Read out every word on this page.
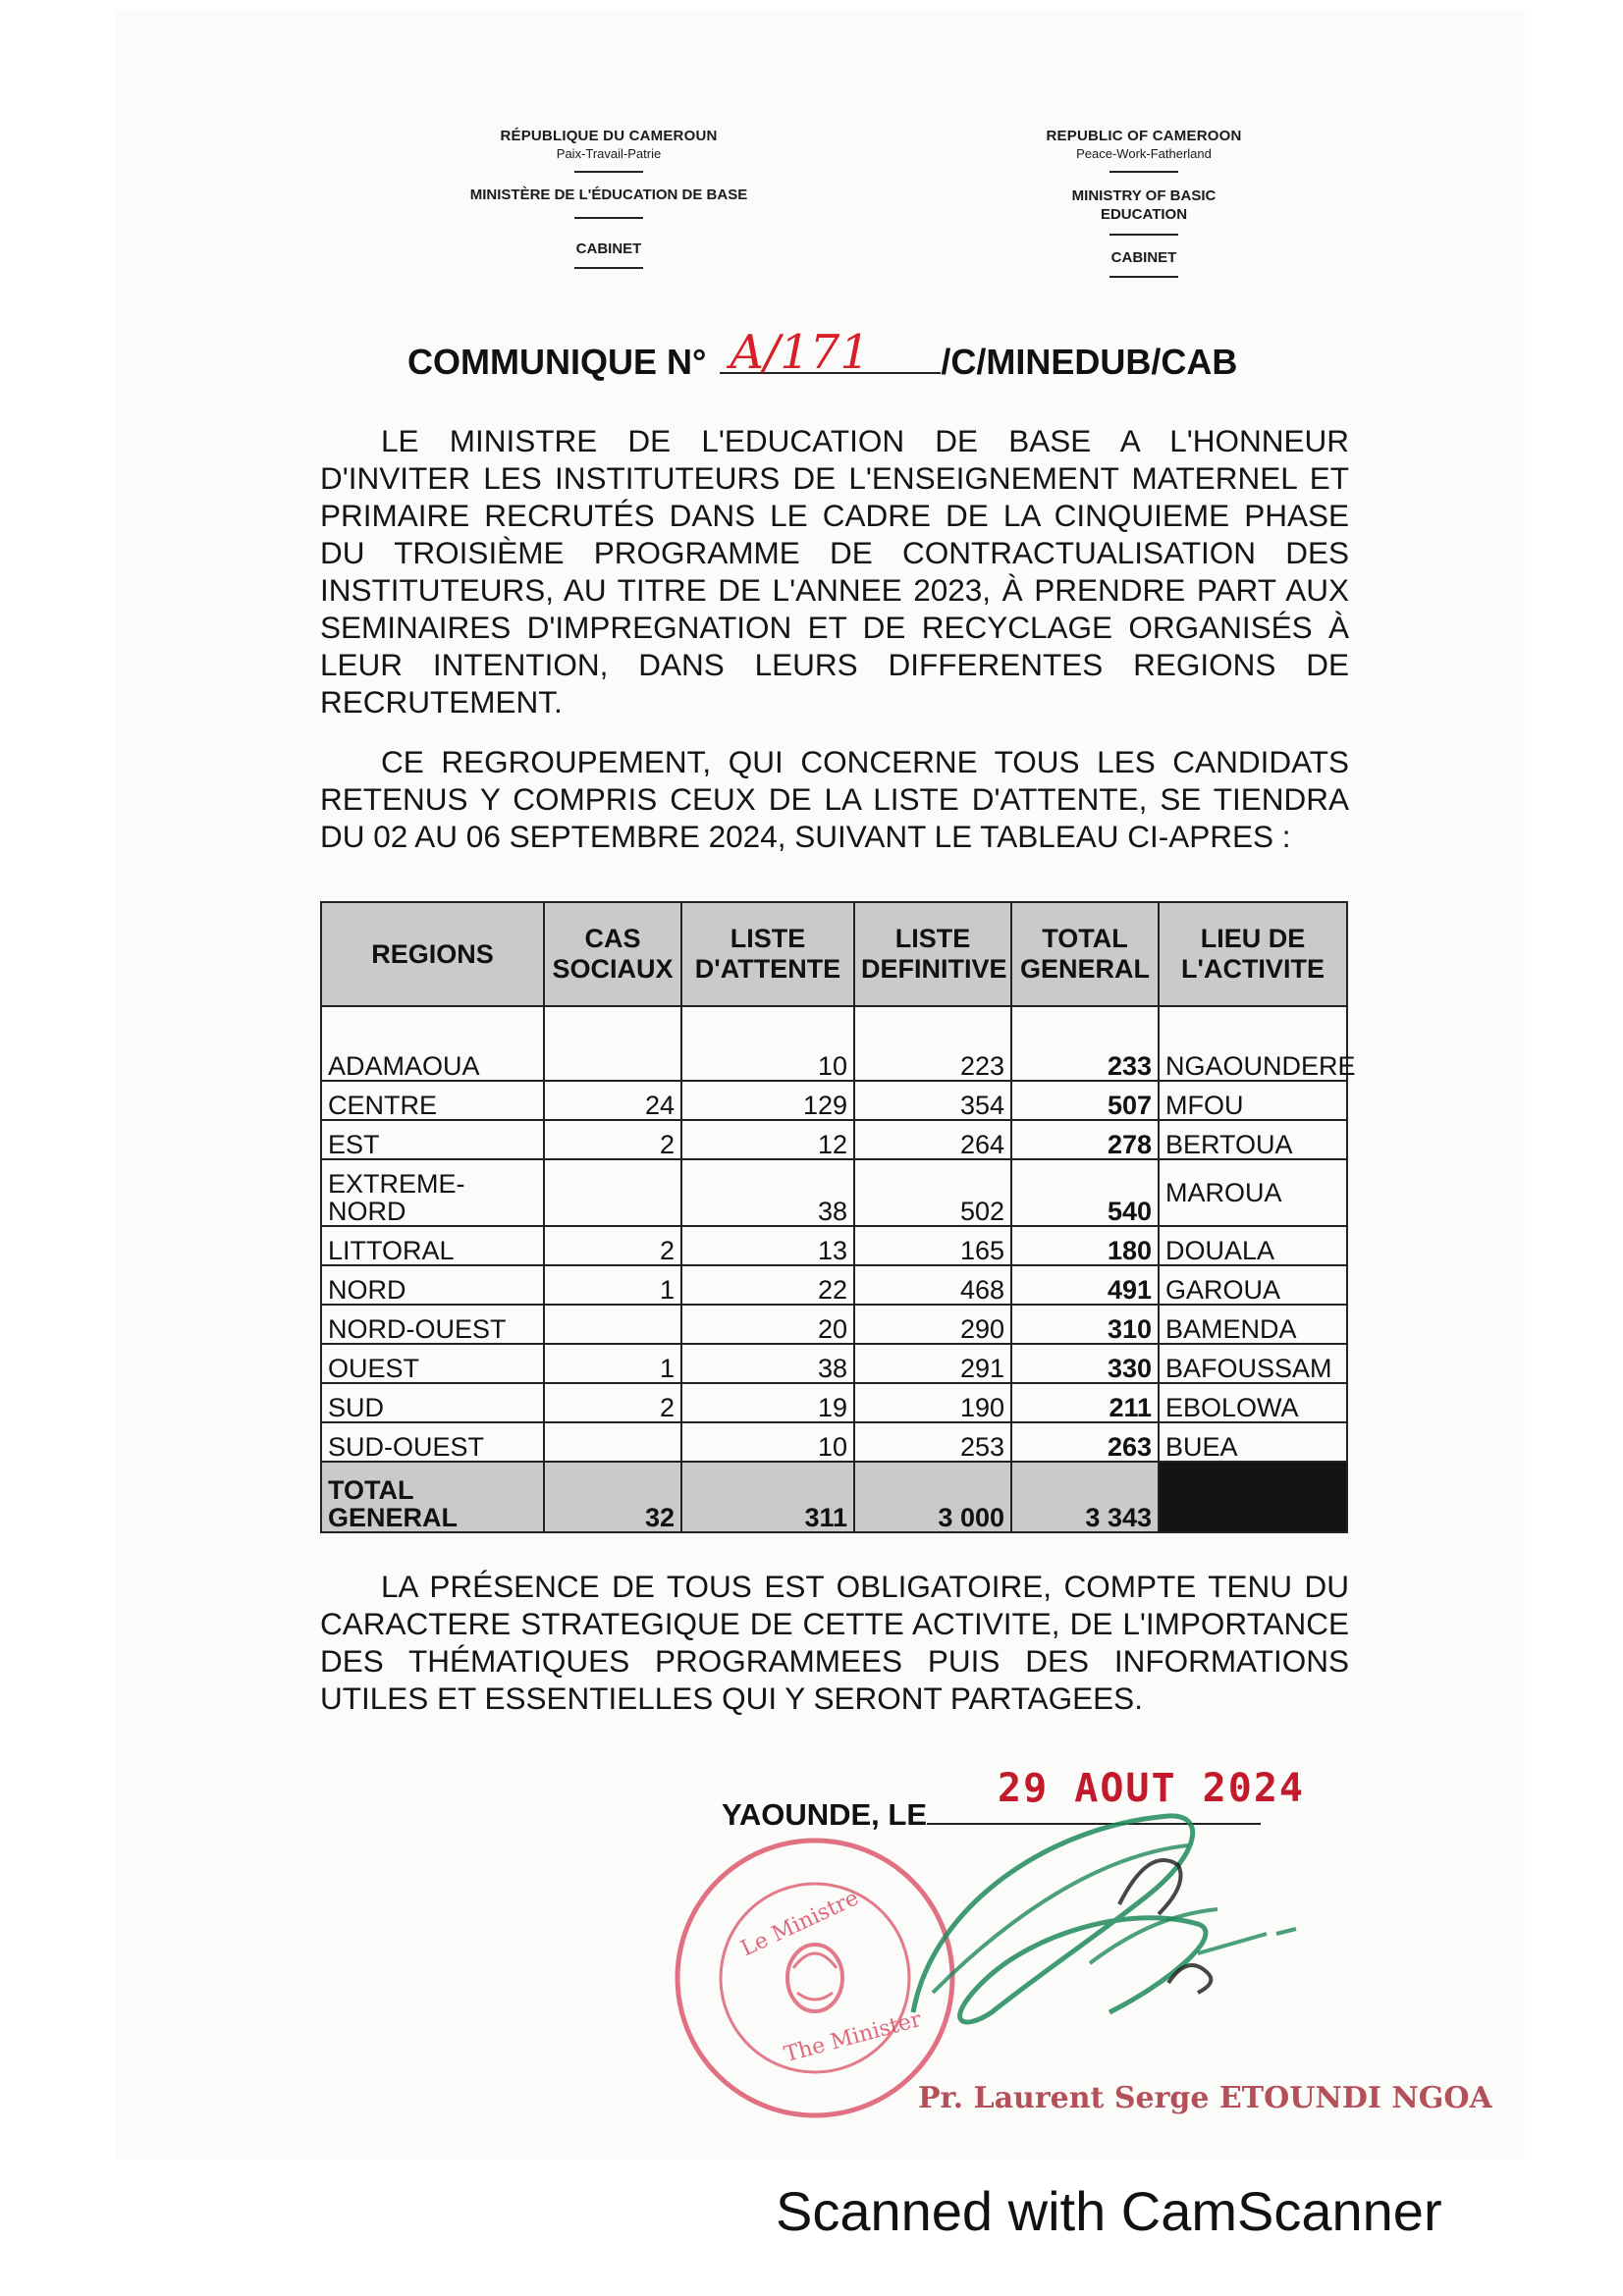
RÉPUBLIQUE DU CAMEROUN
Paix-Travail-Patrie
MINISTÈRE DE L'ÉDUCATION DE BASE
CABINET
REPUBLIC OF CAMEROON
Peace-Work-Fatherland
MINISTRY OF BASIC
EDUCATION
CABINET
COMMUNIQUE N° A/171 /C/MINEDUB/CAB
LE MINISTRE DE L'EDUCATION DE BASE A L'HONNEUR D'INVITER LES INSTITUTEURS DE L'ENSEIGNEMENT MATERNEL ET PRIMAIRE RECRUTÉS DANS LE CADRE DE LA CINQUIEME PHASE DU TROISIÈME PROGRAMME DE CONTRACTUALISATION DES INSTITUTEURS, AU TITRE DE L'ANNEE 2023, À PRENDRE PART AUX SEMINAIRES D'IMPREGNATION ET DE RECYCLAGE ORGANISÉS À LEUR INTENTION, DANS LEURS DIFFERENTES REGIONS DE RECRUTEMENT.
CE REGROUPEMENT, QUI CONCERNE TOUS LES CANDIDATS RETENUS Y COMPRIS CEUX DE LA LISTE D'ATTENTE, SE TIENDRA DU 02 AU 06 SEPTEMBRE 2024, SUIVANT LE TABLEAU CI-APRES :
REGIONS	CAS SOCIAUX	LISTE D'ATTENTE	LISTE DEFINITIVE	TOTAL GENERAL	LIEU DE L'ACTIVITE
ADAMAOUA		10	223	233	NGAOUNDERE
CENTRE	24	129	354	507	MFOU
EST	2	12	264	278	BERTOUA
EXTREME-NORD		38	502	540	MAROUA
LITTORAL	2	13	165	180	DOUALA
NORD	1	22	468	491	GAROUA
NORD-OUEST		20	290	310	BAMENDA
OUEST	1	38	291	330	BAFOUSSAM
SUD	2	19	190	211	EBOLOWA
SUD-OUEST		10	253	263	BUEA
TOTAL GENERAL	32	311	3 000	3 343	
LA PRÉSENCE DE TOUS EST OBLIGATOIRE, COMPTE TENU DU CARACTERE STRATEGIQUE DE CETTE ACTIVITE, DE L'IMPORTANCE DES THÉMATIQUES PROGRAMMEES PUIS DES INFORMATIONS UTILES ET ESSENTIELLES QUI Y SERONT PARTAGEES.
YAOUNDE, LE
29 AOUT 2024
Le Ministre
The Minister
Pr. Laurent Serge ETOUNDI NGOA
Scanned with CamScanner
